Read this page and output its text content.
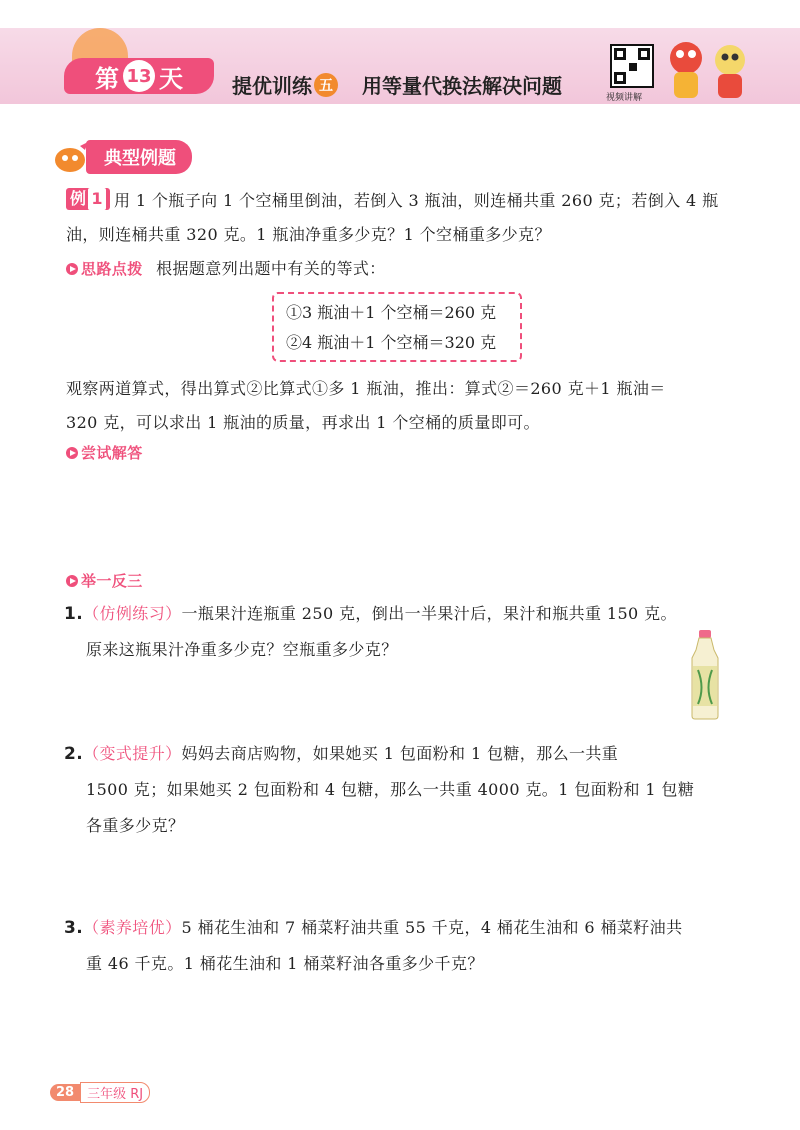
第 13 天 提优训练 五 用等量代换法解决问题	视频讲解
典型例题
例 1 用 1 个瓶子向 1 个空桶里倒油，若倒入 3 瓶油，则连桶共重 260 克；若倒入 4 瓶
油，则连桶共重 320 克。1 瓶油净重多少克？1 个空桶重多少克？
思路点拨 根据题意列出题中有关的等式：
①3 瓶油＋1 个空桶＝260 克
②4 瓶油＋1 个空桶＝320 克
观察两道算式，得出算式②比算式①多 1 瓶油，推出：算式②＝260 克＋1 瓶油＝
320 克，可以求出 1 瓶油的质量，再求出 1 个空桶的质量即可。
尝试解答
举一反三
1.（仿例练习）一瓶果汁连瓶重 250 克，倒出一半果汁后，果汁和瓶共重 150 克。
原来这瓶果汁净重多少克？空瓶重多少克？
2.（变式提升）妈妈去商店购物，如果她买 1 包面粉和 1 包糖，那么一共重
1500 克；如果她买 2 包面粉和 4 包糖，那么一共重 4000 克。1 包面粉和 1 包糖
各重多少克？
3.（素养培优）5 桶花生油和 7 桶菜籽油共重 55 千克，4 桶花生油和 6 桶菜籽油共
重 46 千克。1 桶花生油和 1 桶菜籽油各重多少千克？
28	三年级 RJ
